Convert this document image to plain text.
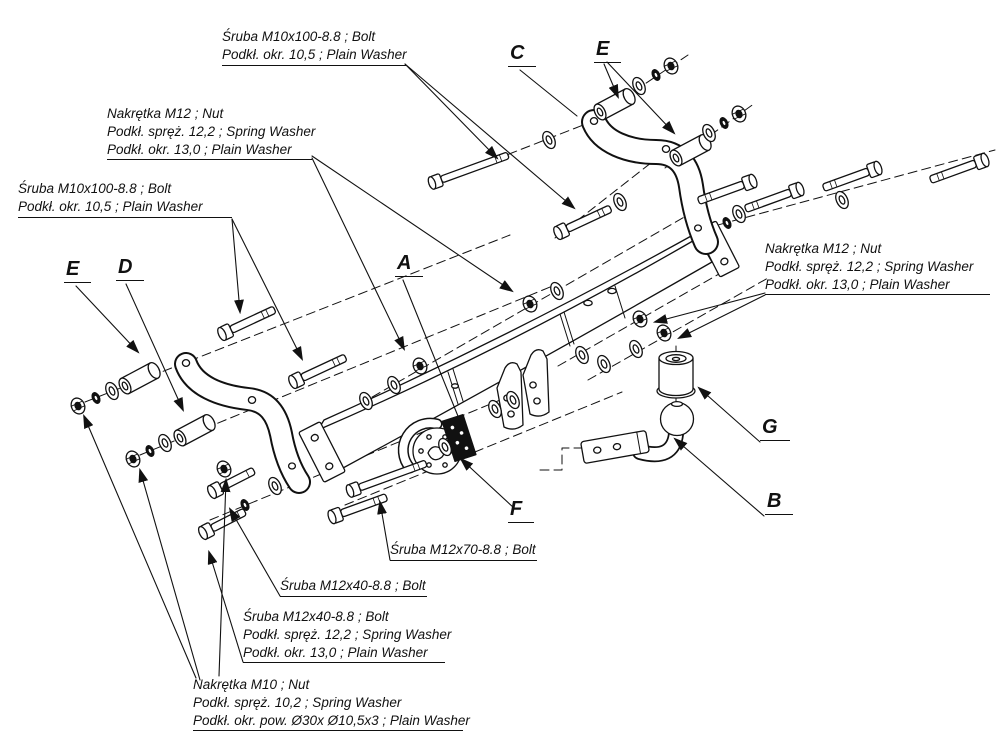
Śruba M10x100-8.8 ; Bolt
Podkł. okr. 10,5 ; Plain Washer
Nakrętka M12 ; Nut
Podkł. spręż. 12,2 ; Spring Washer
Podkł. okr. 13,0 ; Plain Washer
Śruba M10x100-8.8 ; Bolt
Podkł. okr. 10,5 ; Plain Washer
Nakrętka M12 ; Nut
Podkł. spręż. 12,2 ; Spring Washer
Podkł. okr. 13,0 ; Plain Washer
Śruba M12x70-8.8 ; Bolt
Śruba M12x40-8.8 ; Bolt
Śruba M12x40-8.8 ; Bolt
Podkł. spręż. 12,2 ; Spring Washer
Podkł. okr. 13,0 ; Plain Washer
Nakrętka M10 ; Nut
Podkł. spręż. 10,2 ; Spring Washer
Podkł. okr. pow. Ø30x Ø10,5x3 ; Plain Washer
A
B
C
D
E
E
F
G
